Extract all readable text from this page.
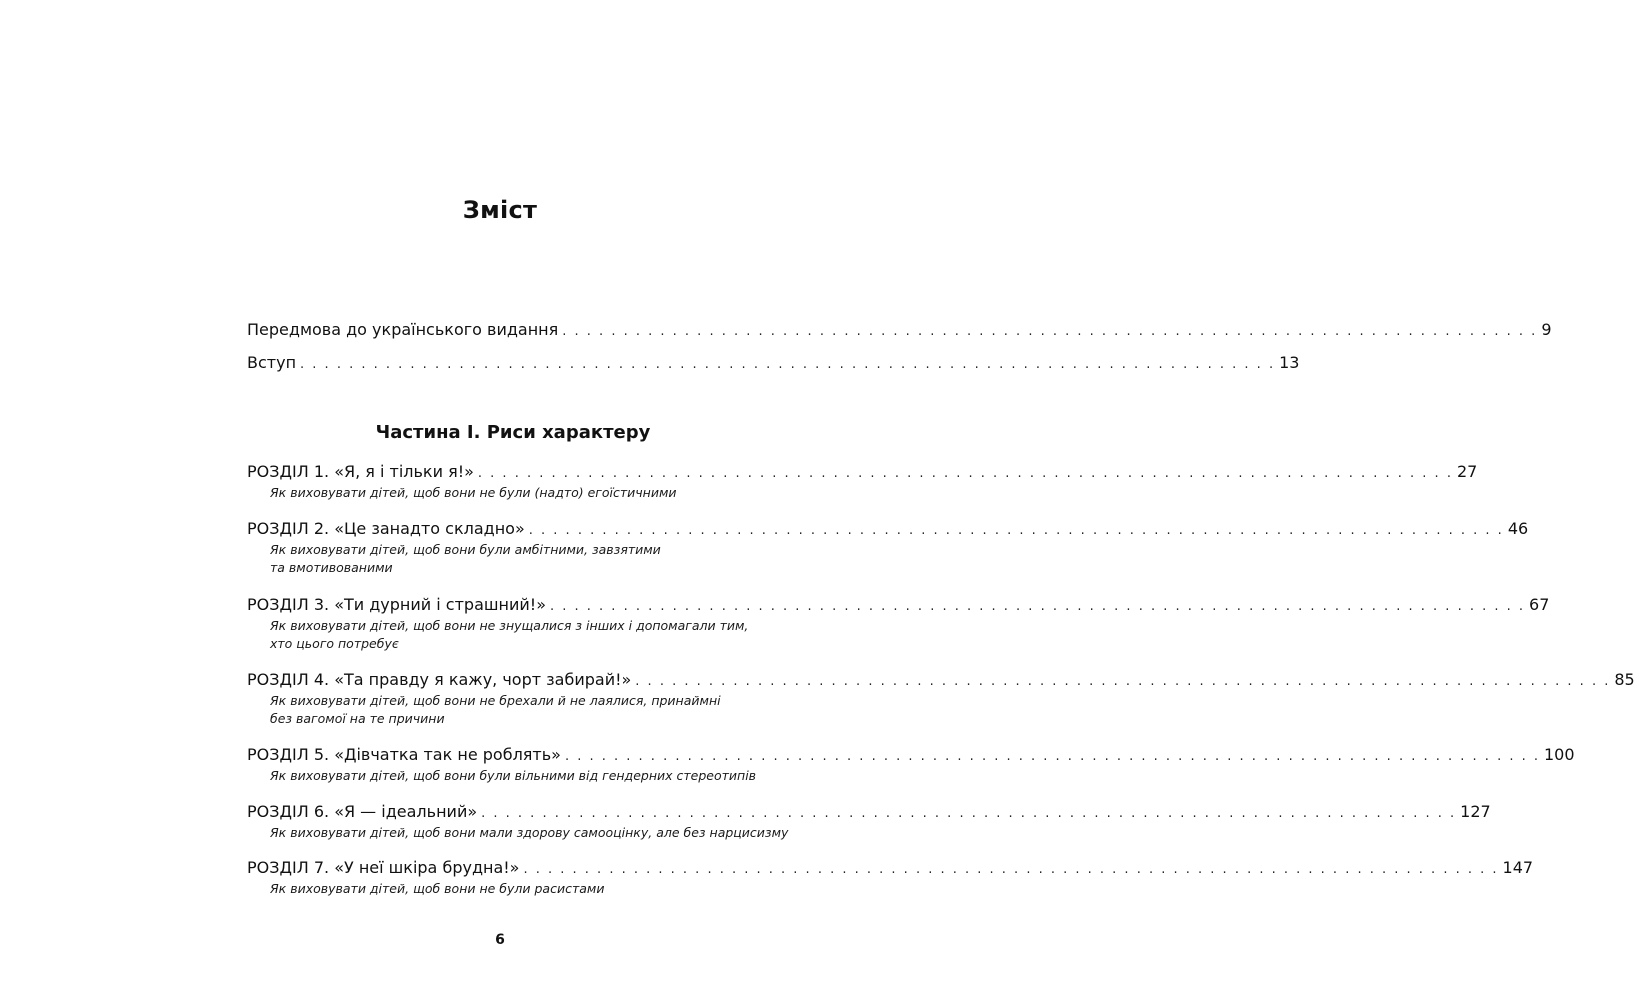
Зміст
Передмова до українського видання . . . . . . . . . . . . . . . . . . . . . . . . . . . . . . . . . . . . . . . . . . . . . . . . . . . . . . . . . . . . . . . . . . . . . . . . . . . . . . . . 9
Вступ . . . . . . . . . . . . . . . . . . . . . . . . . . . . . . . . . . . . . . . . . . . . . . . . . . . . . . . . . . . . . . . . . . . . . . . . . . . . . . . . 13
Частина I. Риси характеру
РОЗДІЛ 1. «Я, я і тільки я!» . . . . . . . . . . . . . . . . . . . . . . . . . . . . . . . . . . . . . . . . . . . . . . . . . . . . . . . . . . . . . . . . . . . . . . . . . . . . . . . . 27
Як виховувати дітей, щоб вони не були (надто) егоїстичними
РОЗДІЛ 2. «Це занадто складно» . . . . . . . . . . . . . . . . . . . . . . . . . . . . . . . . . . . . . . . . . . . . . . . . . . . . . . . . . . . . . . . . . . . . . . . . . . . . . . . . 46
Як виховувати дітей, щоб вони були амбітними, завзятими
та вмотивованими
РОЗДІЛ 3. «Ти дурний і страшний!» . . . . . . . . . . . . . . . . . . . . . . . . . . . . . . . . . . . . . . . . . . . . . . . . . . . . . . . . . . . . . . . . . . . . . . . . . . . . . . . . 67
Як виховувати дітей, щоб вони не знущалися з інших і допомагали тим,
хто цього потребує
РОЗДІЛ 4. «Та правду я кажу, чорт забирай!» . . . . . . . . . . . . . . . . . . . . . . . . . . . . . . . . . . . . . . . . . . . . . . . . . . . . . . . . . . . . . . . . . . . . . . . . . . . . . . . . 85
Як виховувати дітей, щоб вони не брехали й не лаялися, принаймні
без вагомої на те причини
РОЗДІЛ 5. «Дівчатка так не роблять» . . . . . . . . . . . . . . . . . . . . . . . . . . . . . . . . . . . . . . . . . . . . . . . . . . . . . . . . . . . . . . . . . . . . . . . . . . . . . . . . 100
Як виховувати дітей, щоб вони були вільними від гендерних стереотипів
РОЗДІЛ 6. «Я — ідеальний» . . . . . . . . . . . . . . . . . . . . . . . . . . . . . . . . . . . . . . . . . . . . . . . . . . . . . . . . . . . . . . . . . . . . . . . . . . . . . . . . 127
Як виховувати дітей, щоб вони мали здорову самооцінку, але без нарцисизму
РОЗДІЛ 7. «У неї шкіра брудна!» . . . . . . . . . . . . . . . . . . . . . . . . . . . . . . . . . . . . . . . . . . . . . . . . . . . . . . . . . . . . . . . . . . . . . . . . . . . . . . . . 147
Як виховувати дітей, щоб вони не були расистами
6
